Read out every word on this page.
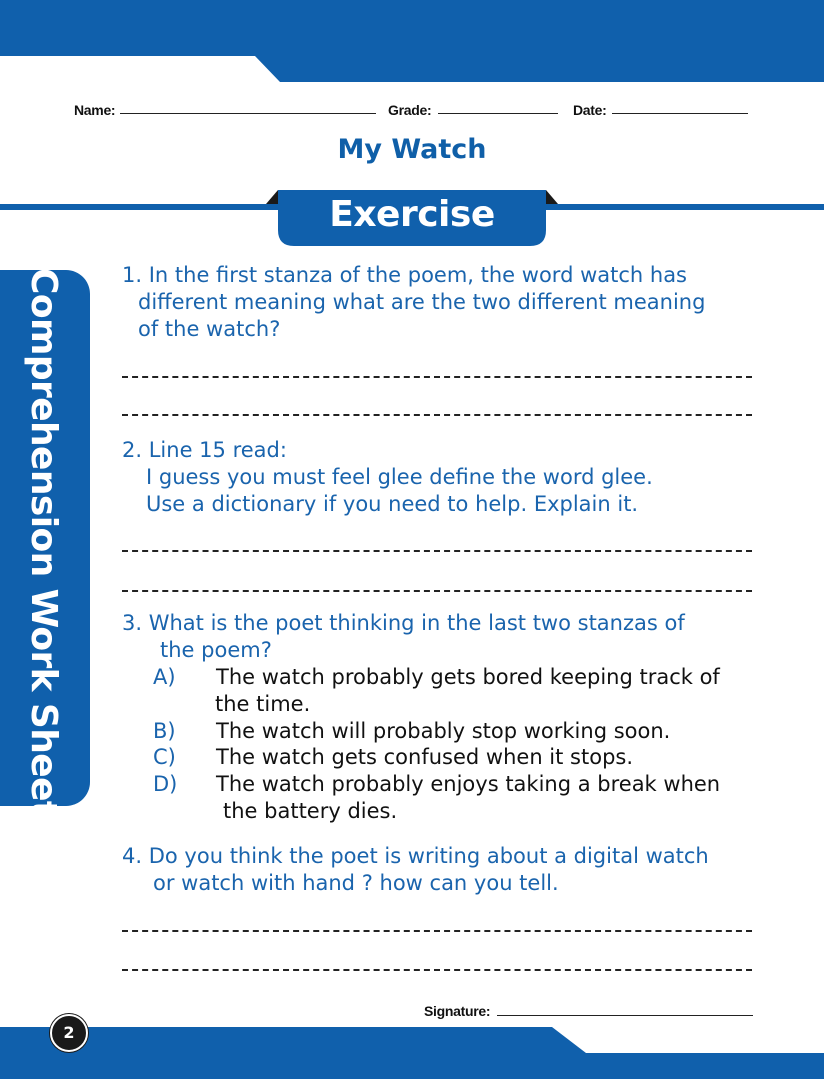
Name:	Grade:	Date:
My Watch
Exercise
Comprehension Work Sheet 4	1. In the first stanza of the poem, the word watch has
different meaning what are the two different meaning
of the watch?
2. Line 15 read:
I guess you must feel glee define the word glee.
Use a dictionary if you need to help. Explain it.
3. What is the poet thinking in the last two stanzas of
the poem?
A) The watch probably gets bored keeping track of
the time.
B) The watch will probably stop working soon.
C) The watch gets confused when it stops.
D) The watch probably enjoys taking a break when
the battery dies.
4. Do you think the poet is writing about a digital watch
or watch with hand ? how can you tell.
Signature:
2
